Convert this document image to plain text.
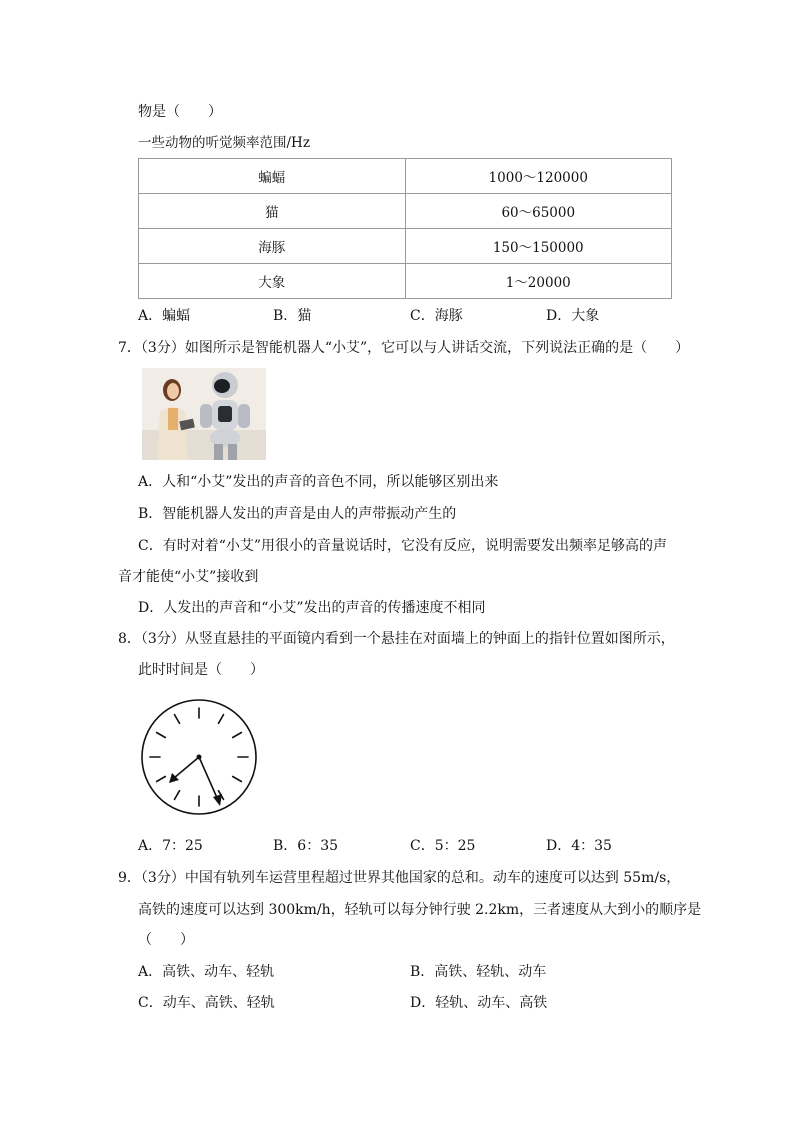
物是（　　）
一些动物的听觉频率范围/Hz
蝙蝠	1000～120000
猫	60～65000
海豚	150～150000
大象	1～20000
A．蝙蝠	B．猫	C．海豚	D．大象
7．（3分）如图所示是智能机器人“小艾”，它可以与人讲话交流，下列说法正确的是（　　）
A．人和“小艾”发出的声音的音色不同，所以能够区别出来
B．智能机器人发出的声音是由人的声带振动产生的
C．有时对着“小艾”用很小的音量说话时，它没有反应，说明需要发出频率足够高的声
音才能使“小艾”接收到
D．人发出的声音和“小艾”发出的声音的传播速度不相同
8．（3分）从竖直悬挂的平面镜内看到一个悬挂在对面墙上的钟面上的指针位置如图所示，
此时时间是（　　）
A．7：25	B．6：35	C．5：25	D．4：35
9．（3分）中国有轨列车运营里程超过世界其他国家的总和。动车的速度可以达到 55m/s，
高铁的速度可以达到 300km/h，轻轨可以每分钟行驶 2.2km，三者速度从大到小的顺序是
（　　）
A．高铁、动车、轻轨	B．高铁、轻轨、动车
C．动车、高铁、轻轨	D．轻轨、动车、高铁
